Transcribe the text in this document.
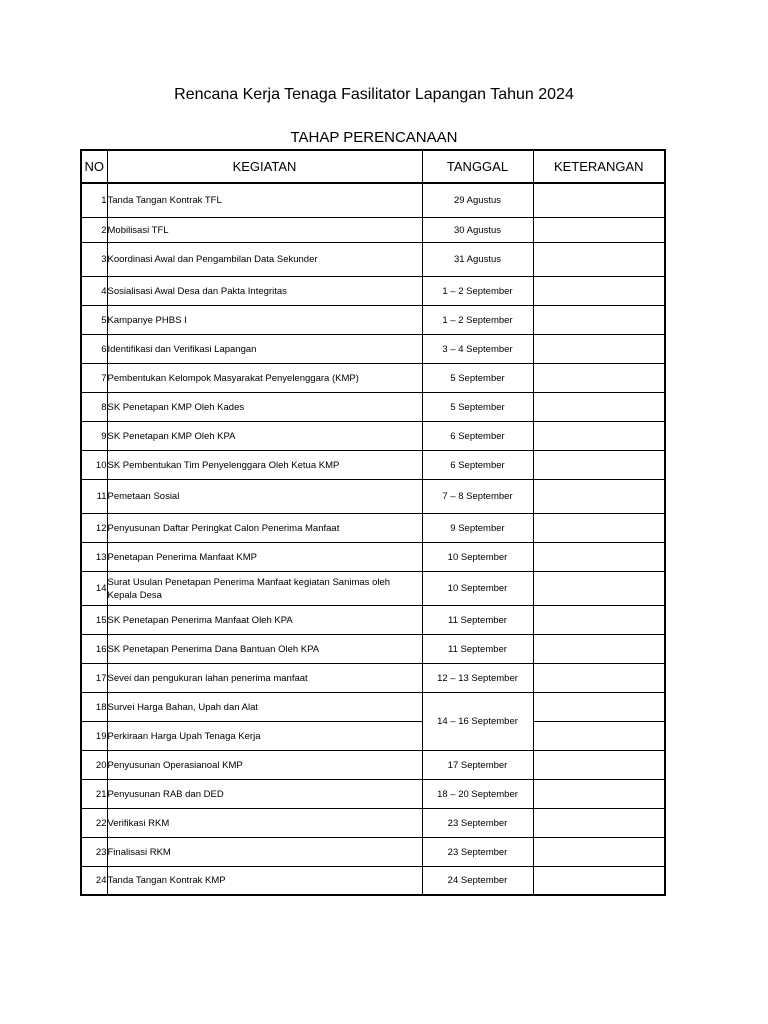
Rencana Kerja Tenaga Fasilitator Lapangan Tahun 2024
TAHAP PERENCANAAN
NO	KEGIATAN	TANGGAL	KETERANGAN
1	Tanda Tangan Kontrak TFL	29 Agustus	
2	Mobilisasi TFL	30 Agustus	
3	Koordinasi Awal dan Pengambilan Data Sekunder	31 Agustus	
4	Sosialisasi Awal Desa dan Pakta Integritas	1 – 2 September	
5	Kampanye PHBS I	1 – 2 September	
6	Identifikasi dan Verifikasi Lapangan	3 – 4 September	
7	Pembentukan Kelompok Masyarakat Penyelenggara (KMP)	5 September	
8	SK Penetapan KMP Oleh Kades	5 September	
9	SK Penetapan KMP Oleh KPA	6 September	
10	SK Pembentukan Tim Penyelenggara Oleh Ketua KMP	6 September	
11	Pemetaan Sosial	7 – 8 September	
12	Penyusunan Daftar Peringkat Calon Penerima Manfaat	9 September	
13	Penetapan Penerima Manfaat KMP	10 September	
14	Surat Usulan Penetapan Penerima Manfaat kegiatan Sanimas oleh Kepala Desa	10 September	
15	SK Penetapan Penerima Manfaat Oleh KPA	11 September	
16	SK Penetapan Penerima Dana Bantuan Oleh KPA	11 September	
17	Sevei dan pengukuran lahan penerima manfaat	12 – 13 September	
18	Survei Harga Bahan, Upah dan Alat	14 – 16 September	
19	Perkiraan Harga Upah Tenaga Kerja		
20	Penyusunan Operasianoal KMP	17 September	
21	Penyusunan RAB dan DED	18 – 20 September	
22	Verifikasi RKM	23 September	
23	Finalisasi RKM	23 September	
24	Tanda Tangan Kontrak KMP	24 September	
